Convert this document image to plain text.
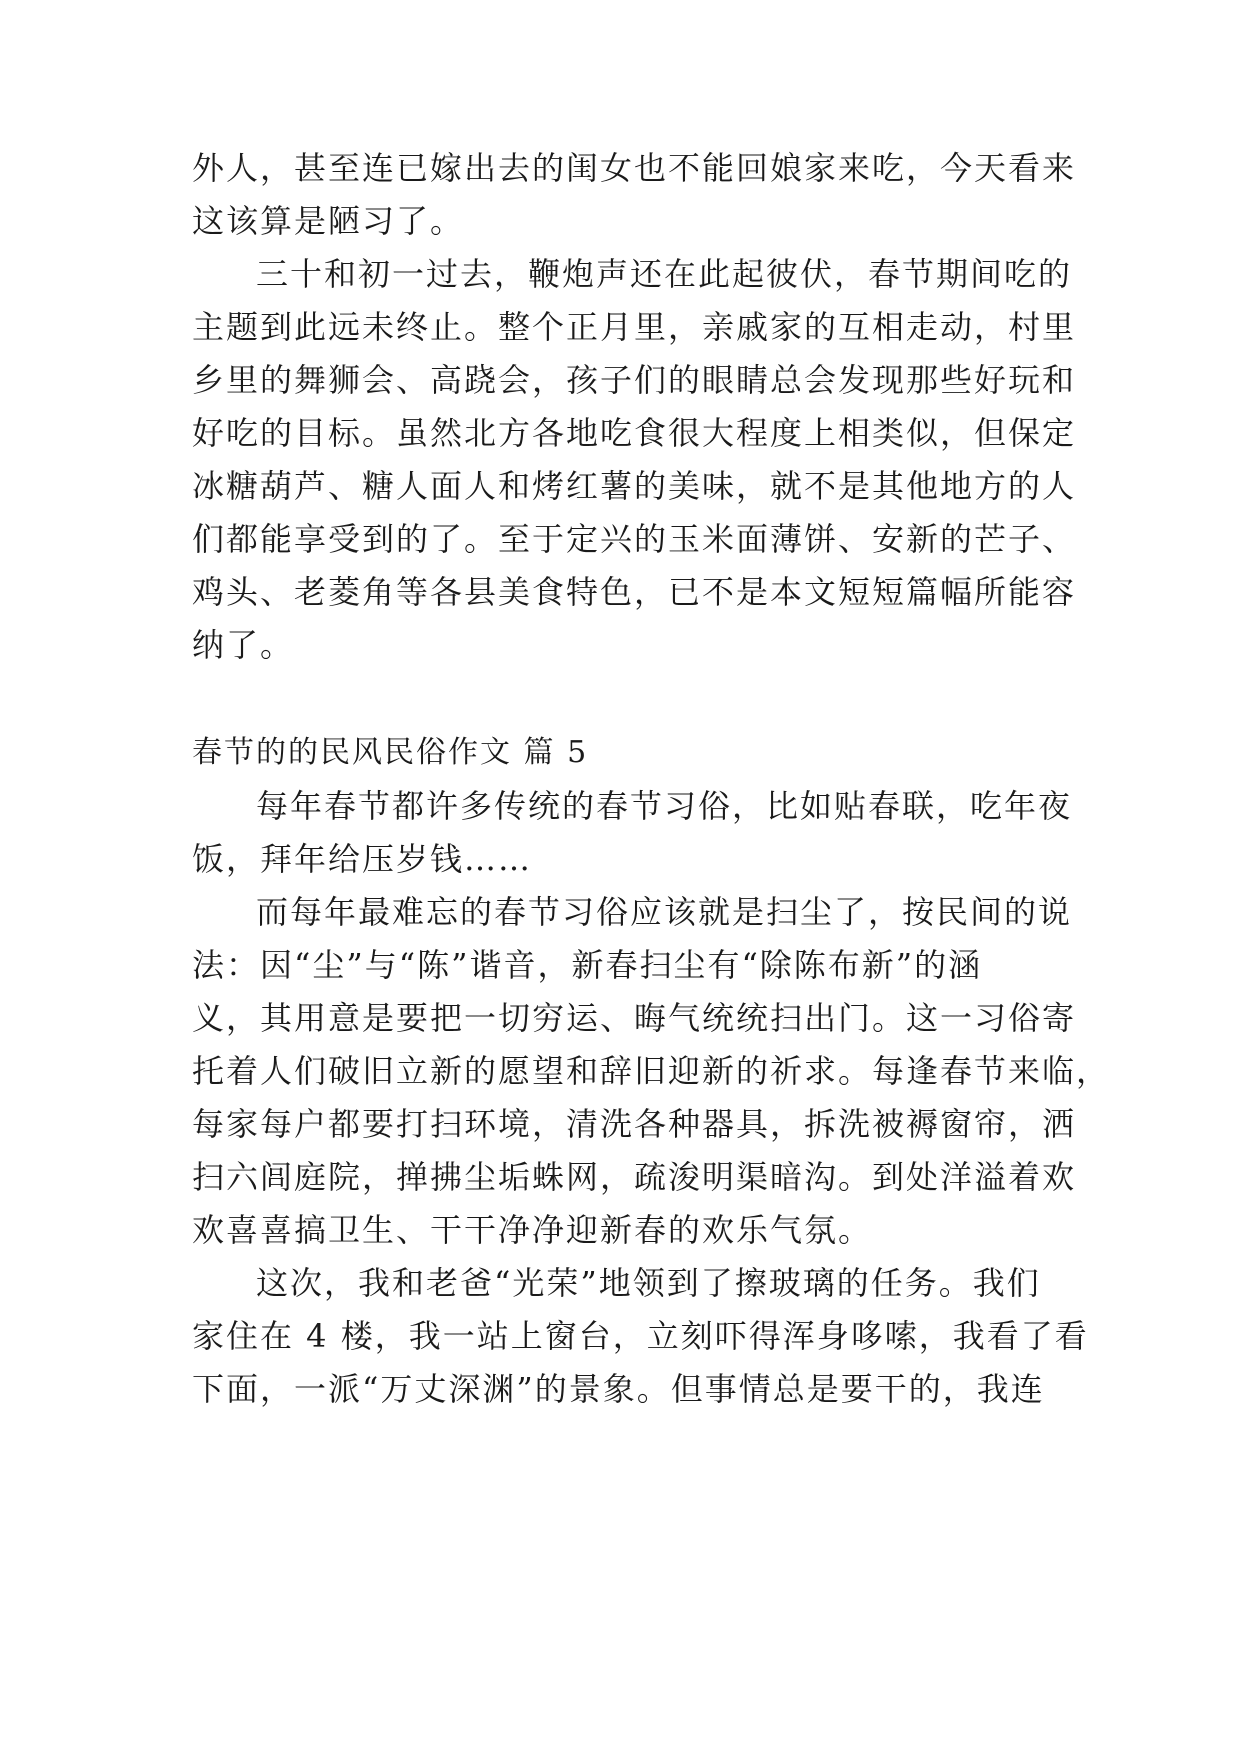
外人，甚至连已嫁出去的闺女也不能回娘家来吃，今天看来
这该算是陋习了。
三十和初一过去，鞭炮声还在此起彼伏，春节期间吃的
主题到此远未终止。整个正月里，亲戚家的互相走动，村里
乡里的舞狮会、高跷会，孩子们的眼睛总会发现那些好玩和
好吃的目标。虽然北方各地吃食很大程度上相类似，但保定
冰糖葫芦、糖人面人和烤红薯的美味，就不是其他地方的人
们都能享受到的了。至于定兴的玉米面薄饼、安新的芒子、
鸡头、老菱角等各县美食特色，已不是本文短短篇幅所能容
纳了。
春节的的民风民俗作文 篇 5
每年春节都许多传统的春节习俗，比如贴春联，吃年夜
饭，拜年给压岁钱……
而每年最难忘的春节习俗应该就是扫尘了，按民间的说
法：因“尘”与“陈”谐音，新春扫尘有“除陈布新”的涵
义，其用意是要把一切穷运、晦气统统扫出门。这一习俗寄
托着人们破旧立新的愿望和辞旧迎新的祈求。每逢春节来临，
每家每户都要打扫环境，清洗各种器具，拆洗被褥窗帘，洒
扫六闾庭院，掸拂尘垢蛛网，疏浚明渠暗沟。到处洋溢着欢
欢喜喜搞卫生、干干净净迎新春的欢乐气氛。
这次，我和老爸“光荣”地领到了擦玻璃的任务。我们
家住在 4 楼，我一站上窗台，立刻吓得浑身哆嗦，我看了看
下面，一派“万丈深渊”的景象。但事情总是要干的，我连
